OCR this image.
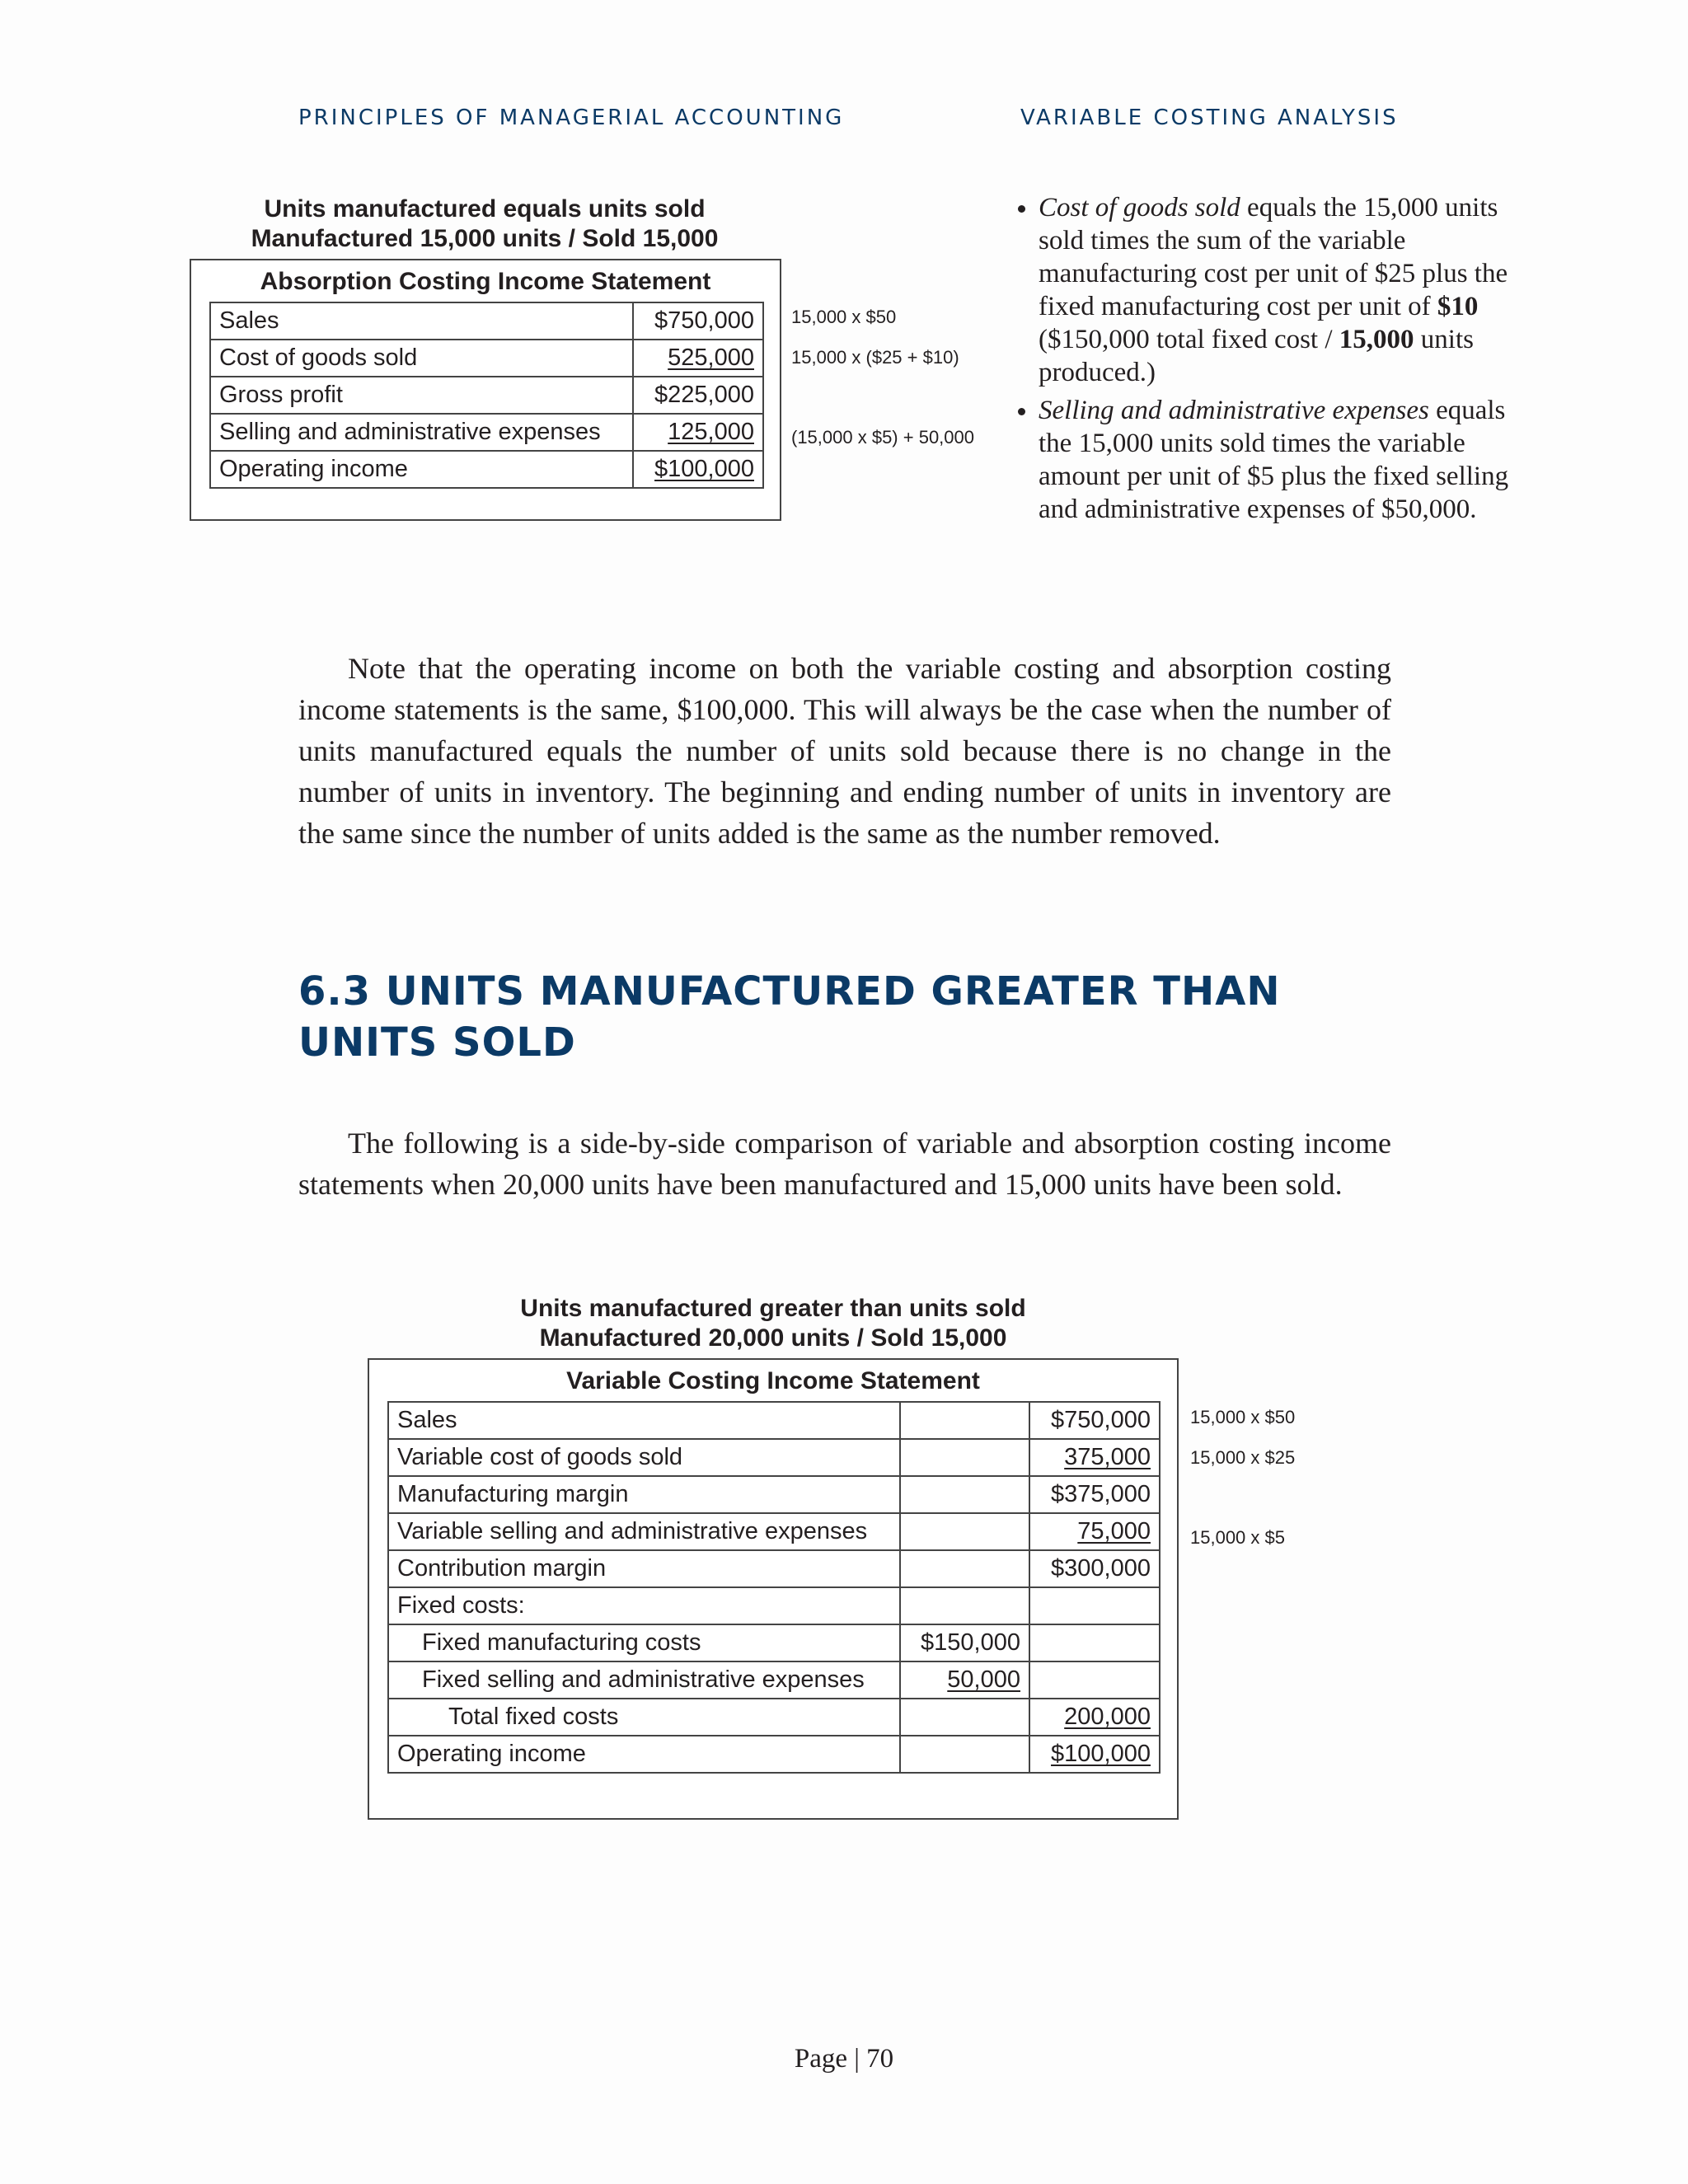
PRINCIPLES OF MANAGERIAL ACCOUNTING	VARIABLE COSTING ANALYSIS
Units manufactured equals units sold
Manufactured 15,000 units / Sold 15,000
Absorption Costing Income Statement
Sales	$750,000
Cost of goods sold	525,000
Gross profit	$225,000
Selling and administrative expenses	125,000
Operating income	$100,000
15,000 x $50
15,000 x ($25 + $10)
(15,000 x $5) + 50,000
• Cost of goods sold equals the 15,000 units sold times the sum of the variable manufacturing cost per unit of $25 plus the fixed manufacturing cost per unit of $10 ($150,000 total fixed cost / 15,000 units produced.)
• Selling and administrative expenses equals the 15,000 units sold times the variable amount per unit of $5 plus the fixed selling and administrative expenses of $50,000.

Note that the operating income on both the variable costing and absorption costing income statements is the same, $100,000. This will always be the case when the number of units manufactured equals the number of units sold because there is no change in the number of units in inventory. The beginning and ending number of units in inventory are the same since the number of units added is the same as the number removed.

6.3 UNITS MANUFACTURED GREATER THAN UNITS SOLD

The following is a side-by-side comparison of variable and absorption costing income statements when 20,000 units have been manufactured and 15,000 units have been sold.

Units manufactured greater than units sold
Manufactured 20,000 units / Sold 15,000
Variable Costing Income Statement
Sales		$750,000
Variable cost of goods sold		375,000
Manufacturing margin		$375,000
Variable selling and administrative expenses		75,000
Contribution margin		$300,000
Fixed costs:		
Fixed manufacturing costs	$150,000	
Fixed selling and administrative expenses	50,000	
Total fixed costs		200,000
Operating income		$100,000
15,000 x $50
15,000 x $25
15,000 x $5
Page | 70
